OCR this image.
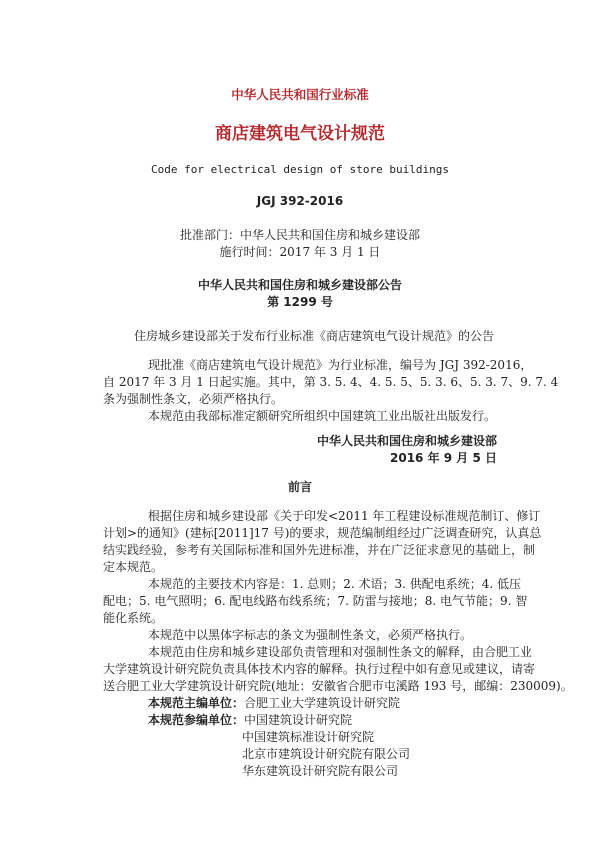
中华人民共和国行业标准
商店建筑电气设计规范
Code for electrical design of store buildings
JGJ 392-2016
批准部门：中华人民共和国住房和城乡建设部
施行时间：2017 年 3 月 1 日
中华人民共和国住房和城乡建设部公告
第 1299 号
住房城乡建设部关于发布行业标准《商店建筑电气设计规范》的公告
现批准《商店建筑电气设计规范》为行业标准，编号为 JGJ 392-2016，
自 2017 年 3 月 1 日起实施。其中，第 3. 5. 4、4. 5. 5、5. 3. 6、5. 3. 7、9. 7. 4
条为强制性条文，必须严格执行。
本规范由我部标准定额研究所组织中国建筑工业出版社出版发行。
中华人民共和国住房和城乡建设部
2016 年 9 月 5 日
前言
根据住房和城乡建设部《关于印发<2011 年工程建设标准规范制订、修订
计划>的通知》(建标[2011]17 号)的要求，规范编制组经过广泛调查研究，认真总
结实践经验，参考有关国际标准和国外先进标准，并在广泛征求意见的基础上，制
定本规范。
本规范的主要技术内容是：1. 总则；2. 术语；3. 供配电系统；4. 低压
配电；5. 电气照明；6. 配电线路布线系统；7. 防雷与接地；8. 电气节能；9. 智
能化系统。
本规范中以黑体字标志的条文为强制性条文，必须严格执行。
本规范由住房和城乡建设部负责管理和对强制性条文的解释，由合肥工业
大学建筑设计研究院负责具体技术内容的解释。执行过程中如有意见或建议，请寄
送合肥工业大学建筑设计研究院(地址：安徽省合肥市屯溪路 193 号，邮编：230009)。
本规范主编单位： 合肥工业大学建筑设计研究院
本规范参编单位： 中国建筑设计研究院
中国建筑标准设计研究院
北京市建筑设计研究院有限公司
华东建筑设计研究院有限公司
